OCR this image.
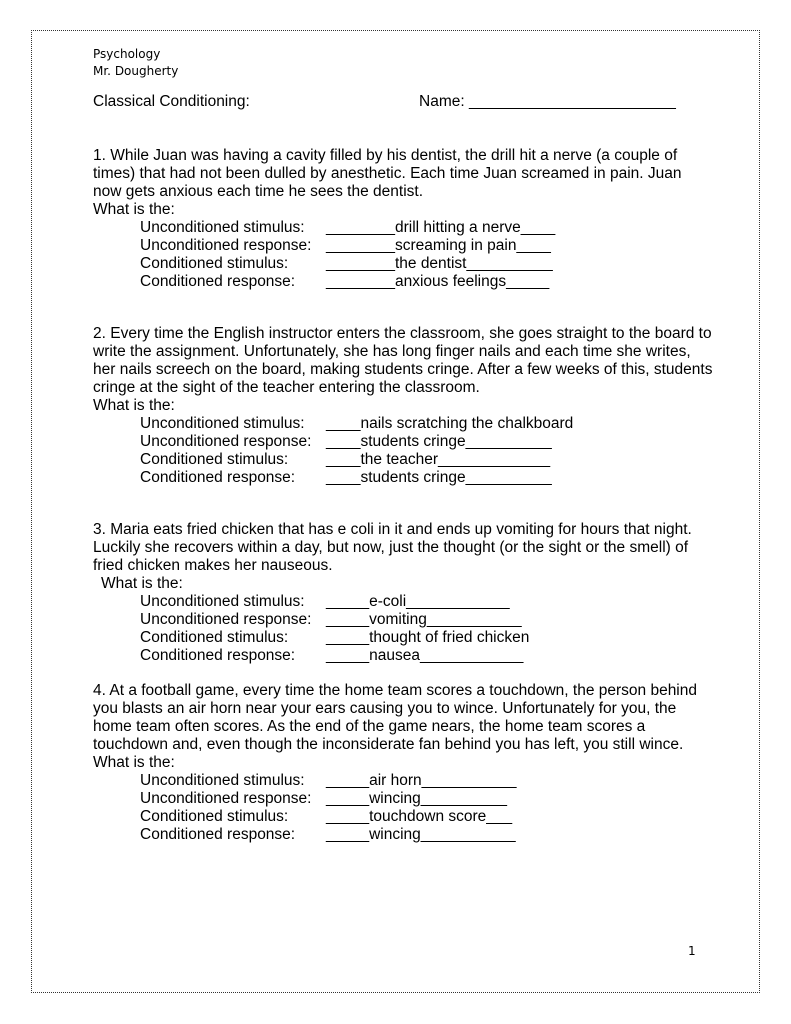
Psychology
Mr. Dougherty
Classical Conditioning:	Name: ________________________

1. While Juan was having a cavity filled by his dentist, the drill hit a nerve (a couple of times) that had not been dulled by anesthetic. Each time Juan screamed in pain. Juan now gets anxious each time he sees the dentist.

What is the:

Unconditioned stimulus: ________drill hitting a nerve____
Unconditioned response: ________screaming in pain____
Conditioned stimulus: ________the dentist__________
Conditioned response: ________anxious feelings_____

2. Every time the English instructor enters the classroom, she goes straight to the board to write the assignment. Unfortunately, she has long finger nails and each time she writes, her nails screech on the board, making students cringe. After a few weeks of this, students cringe at the sight of the teacher entering the classroom.

What is the:

Unconditioned stimulus: ____nails scratching the chalkboard
Unconditioned response: ____students cringe__________
Conditioned stimulus: ____the teacher_____________
Conditioned response: ____students cringe__________

3. Maria eats fried chicken that has e coli in it and ends up vomiting for hours that night. Luckily she recovers within a day, but now, just the thought (or the sight or the smell) of fried chicken makes her nauseous.

What is the:

Unconditioned stimulus: _____e-coli____________
Unconditioned response: _____vomiting___________
Conditioned stimulus: _____thought of fried chicken
Conditioned response: _____nausea____________

4. At a football game, every time the home team scores a touchdown, the person behind you blasts an air horn near your ears causing you to wince. Unfortunately for you, the home team often scores. As the end of the game nears, the home team scores a touchdown and, even though the inconsiderate fan behind you has left, you still wince.

What is the:

Unconditioned stimulus: _____air horn___________
Unconditioned response: _____wincing__________
Conditioned stimulus: _____touchdown score___
Conditioned response: _____wincing___________
1
